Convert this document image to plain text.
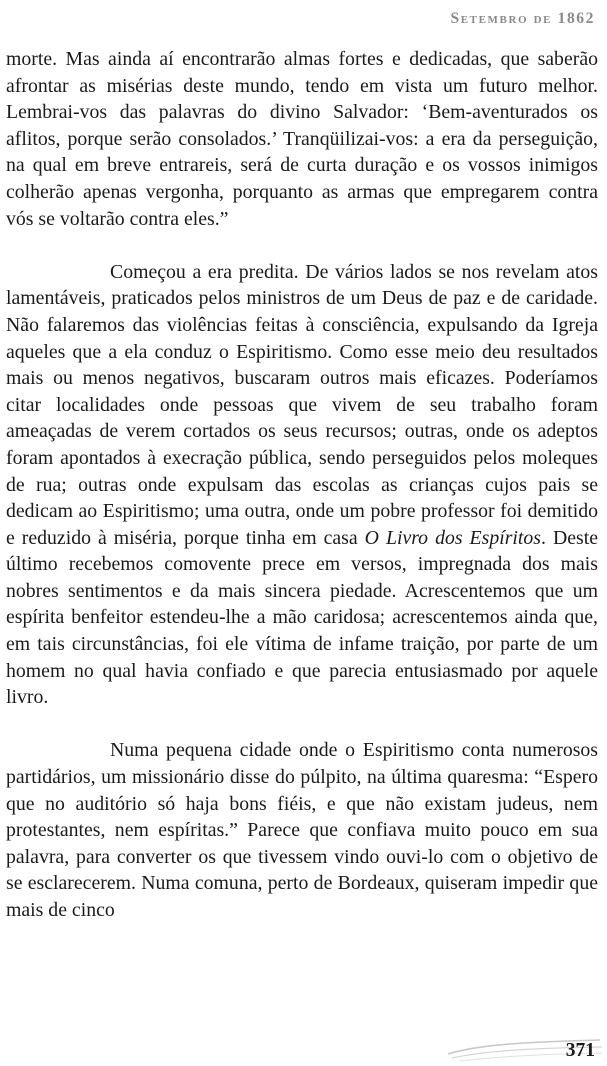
Setembro de 1862

morte. Mas ainda aí encontrarão almas fortes e dedicadas, que saberão afrontar as misérias deste mundo, tendo em vista um futuro melhor. Lembrai-vos das palavras do divino Salvador: ‘Bem-aventurados os aflitos, porque serão consolados.’ Tranqüilizai-vos: a era da perseguição, na qual em breve entrareis, será de curta duração e os vossos inimigos colherão apenas vergonha, porquanto as armas que empregarem contra vós se voltarão contra eles.”

Começou a era predita. De vários lados se nos revelam atos lamentáveis, praticados pelos ministros de um Deus de paz e de caridade. Não falaremos das violências feitas à consciência, expulsando da Igreja aqueles que a ela conduz o Espiritismo. Como esse meio deu resultados mais ou menos negativos, buscaram outros mais eficazes. Poderíamos citar localidades onde pessoas que vivem de seu trabalho foram ameaçadas de verem cortados os seus recursos; outras, onde os adeptos foram apontados à execração pública, sendo perseguidos pelos moleques de rua; outras onde expulsam das escolas as crianças cujos pais se dedicam ao Espiritismo; uma outra, onde um pobre professor foi demitido e reduzido à miséria, porque tinha em casa O Livro dos Espíritos. Deste último recebemos comovente prece em versos, impregnada dos mais nobres sentimentos e da mais sincera piedade. Acrescentemos que um espírita benfeitor estendeu-lhe a mão caridosa; acrescentemos ainda que, em tais circunstâncias, foi ele vítima de infame traição, por parte de um homem no qual havia confiado e que parecia entusiasmado por aquele livro.

Numa pequena cidade onde o Espiritismo conta numerosos partidários, um missionário disse do púlpito, na última quaresma: “Espero que no auditório só haja bons fiéis, e que não existam judeus, nem protestantes, nem espíritas.” Parece que confiava muito pouco em sua palavra, para converter os que tivessem vindo ouvi-lo com o objetivo de se esclarecerem. Numa comuna, perto de Bordeaux, quiseram impedir que mais de cinco

371
